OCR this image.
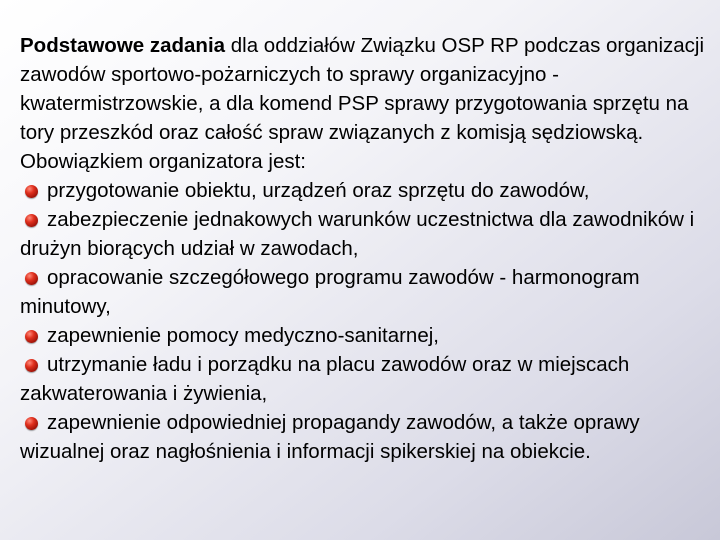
Podstawowe zadania dla oddziałów Związku OSP RP podczas organizacji zawodów sportowo-pożarniczych to sprawy organizacyjno - kwatermistrzowskie, a dla komend PSP sprawy przygotowania sprzętu na tory przeszkód oraz całość spraw związanych z komisją sędziowską.

Obowiązkiem organizatora jest:

przygotowanie obiektu, urządzeń oraz sprzętu do zawodów,

zabezpieczenie jednakowych warunków uczestnictwa dla zawodników i drużyn biorących udział w zawodach,

opracowanie szczegółowego programu zawodów - harmonogram minutowy,

zapewnienie pomocy medyczno-sanitarnej,

utrzymanie ładu i porządku na placu zawodów oraz w miejscach zakwaterowania i żywienia,

zapewnienie odpowiedniej propagandy zawodów, a także oprawy wizualnej oraz nagłośnienia i informacji spikerskiej na obiekcie.
